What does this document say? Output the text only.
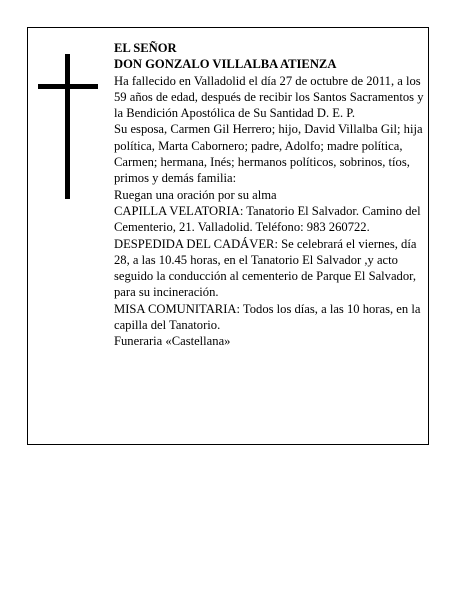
EL SEÑOR

DON GONZALO VILLALBA ATIENZA

Ha fallecido en Valladolid el día 27 de octubre de 2011, a los 59 años de edad, después de recibir los Santos Sacramentos y la Bendición Apostólica de Su Santidad D. E. P.

Su esposa, Carmen Gil Herrero; hijo, David Villalba Gil; hija política, Marta Cabornero; padre, Adolfo; madre política, Carmen; hermana, Inés; hermanos políticos, sobrinos, tíos, primos y demás familia:

Ruegan una oración por su alma

CAPILLA VELATORIA: Tanatorio El Salvador. Camino del Cementerio, 21. Valladolid. Teléfono: 983 260722.

DESPEDIDA DEL CADÁVER: Se celebrará el viernes, día 28, a las 10.45 horas, en el Tanatorio El Salvador ,y acto seguido la conducción al cementerio de Parque El Salvador, para su incineración.

MISA COMUNITARIA: Todos los días, a las 10 horas, en la capilla del Tanatorio.

Funeraria «Castellana»
